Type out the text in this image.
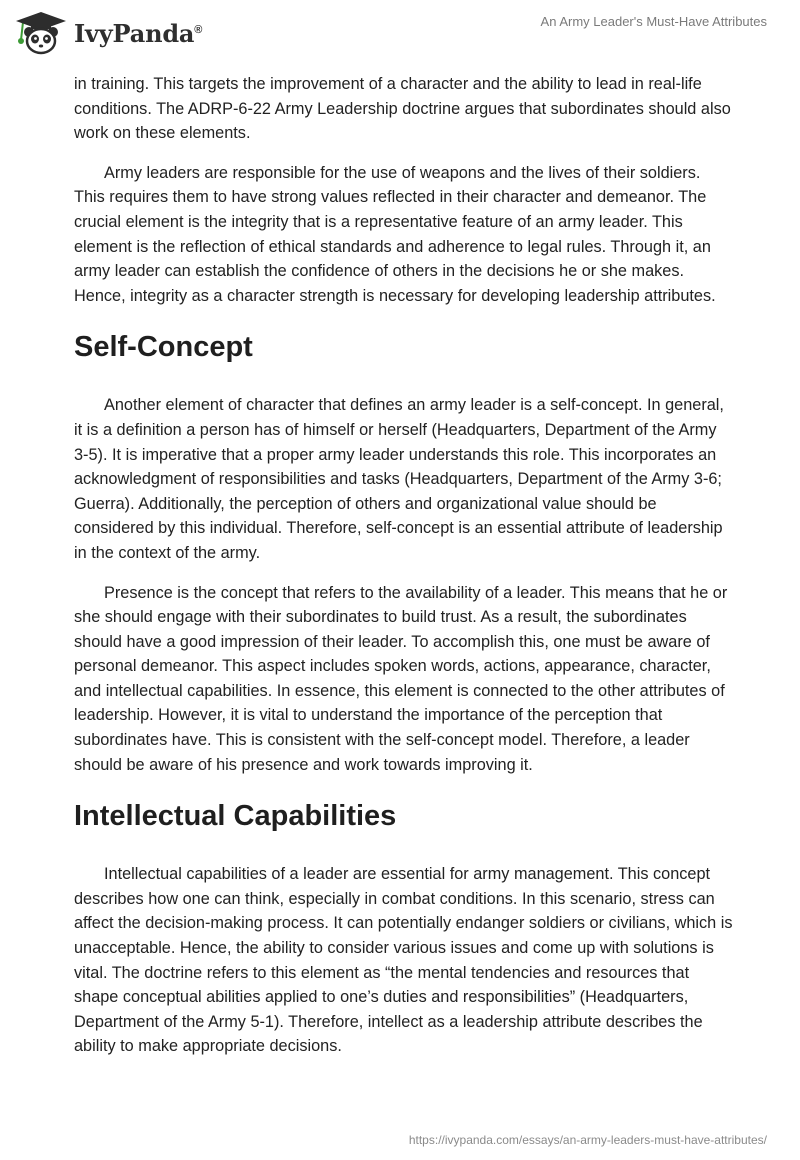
IvyPanda®
An Army Leader's Must-Have Attributes

in training. This targets the improvement of a character and the ability to lead in real-life conditions. The ADRP-6-22 Army Leadership doctrine argues that subordinates should also work on these elements.

Army leaders are responsible for the use of weapons and the lives of their soldiers. This requires them to have strong values reflected in their character and demeanor. The crucial element is the integrity that is a representative feature of an army leader. This element is the reflection of ethical standards and adherence to legal rules. Through it, an army leader can establish the confidence of others in the decisions he or she makes. Hence, integrity as a character strength is necessary for developing leadership attributes.

Self-Concept

Another element of character that defines an army leader is a self-concept. In general, it is a definition a person has of himself or herself (Headquarters, Department of the Army 3-5). It is imperative that a proper army leader understands this role. This incorporates an acknowledgment of responsibilities and tasks (Headquarters, Department of the Army 3-6; Guerra). Additionally, the perception of others and organizational value should be considered by this individual. Therefore, self-concept is an essential attribute of leadership in the context of the army.

Presence is the concept that refers to the availability of a leader. This means that he or she should engage with their subordinates to build trust. As a result, the subordinates should have a good impression of their leader. To accomplish this, one must be aware of personal demeanor. This aspect includes spoken words, actions, appearance, character, and intellectual capabilities. In essence, this element is connected to the other attributes of leadership. However, it is vital to understand the importance of the perception that subordinates have. This is consistent with the self-concept model. Therefore, a leader should be aware of his presence and work towards improving it.

Intellectual Capabilities

Intellectual capabilities of a leader are essential for army management. This concept describes how one can think, especially in combat conditions. In this scenario, stress can affect the decision-making process. It can potentially endanger soldiers or civilians, which is unacceptable. Hence, the ability to consider various issues and come up with solutions is vital. The doctrine refers to this element as “the mental tendencies and resources that shape conceptual abilities applied to one’s duties and responsibilities” (Headquarters, Department of the Army 5-1). Therefore, intellect as a leadership attribute describes the ability to make appropriate decisions.

https://ivypanda.com/essays/an-army-leaders-must-have-attributes/
